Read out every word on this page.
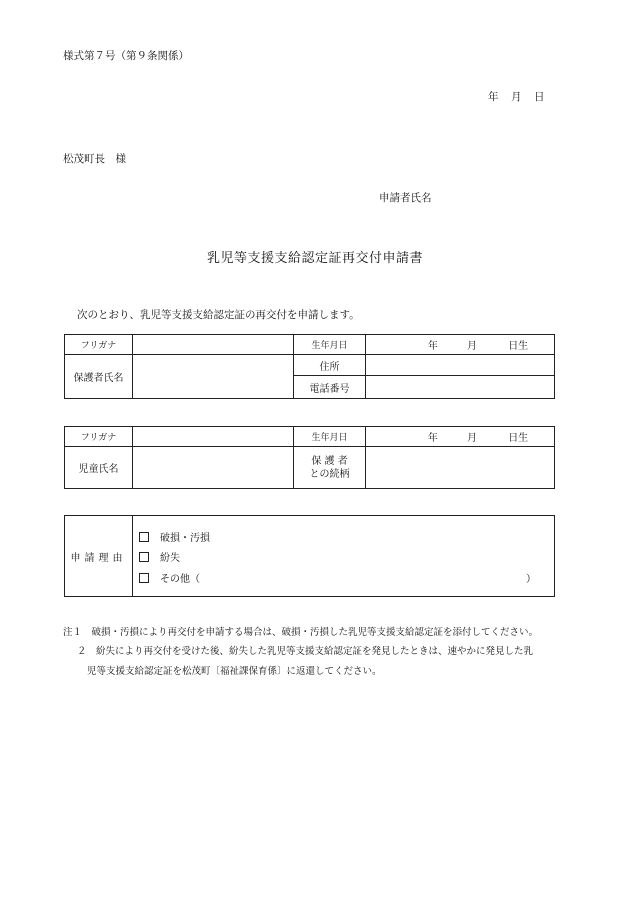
様式第７号（第９条関係）
年　月　日
松茂町長　様
申請者氏名
乳児等支援支給認定証再交付申請書
次のとおり、乳児等支援支給認定証の再交付を申請します。
フリガナ		生年月日	年 月 日生
保護者氏名		住所	
		電話番号	
フリガナ		生年月日	年 月 日生
児童氏名		保 護 者
との続柄	

申請理由
破損・汚損
紛失
その他（	）
注１　破損・汚損により再交付を申請する場合は、破損・汚損した乳児等支援支給認定証を添付してください。
２　紛失により再交付を受けた後、紛失した乳児等支援支給認定証を発見したときは、速やかに発見した乳
児等支援支給認定証を松茂町〔福祉課保育係〕に返還してください。
